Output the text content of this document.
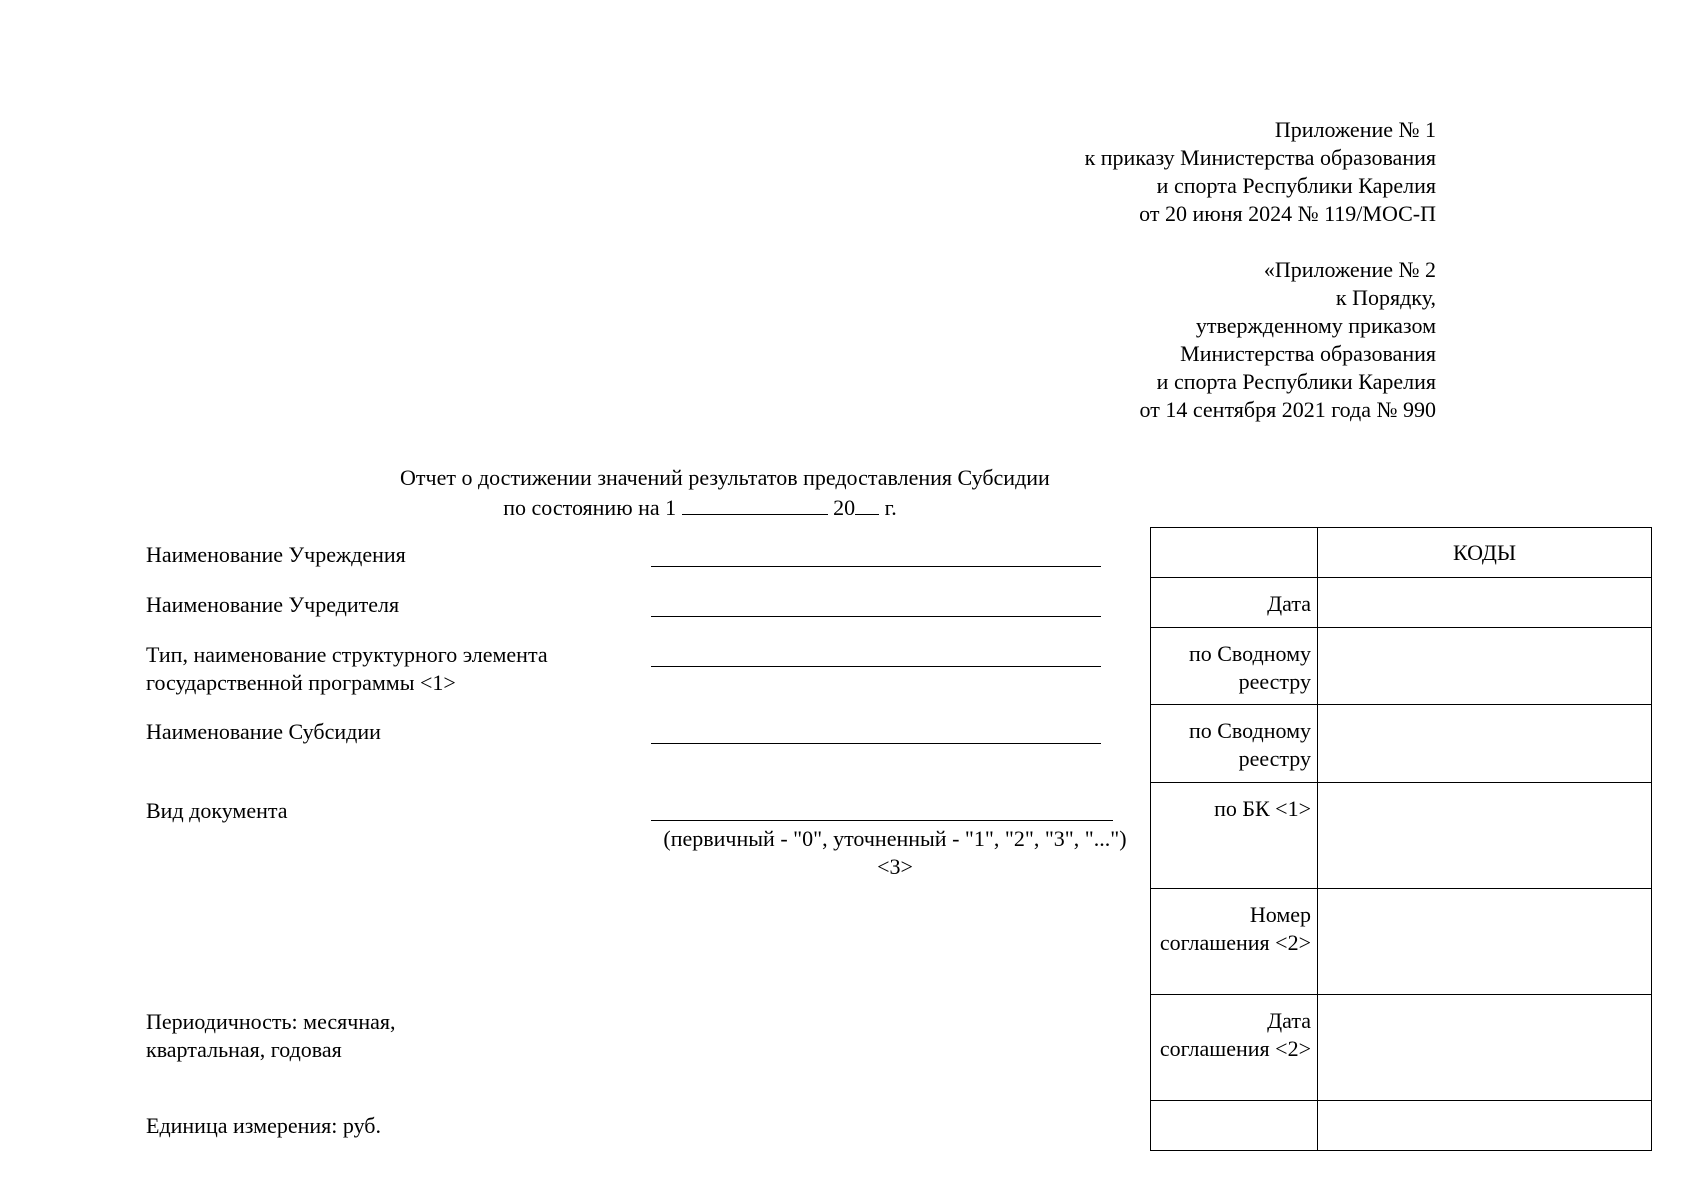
Приложение № 1
к приказу Министерства образования
и спорта Республики Карелия
от 20 июня 2024 № 119/МОС-П
«Приложение № 2
к Порядку,
утвержденному приказом
Министерства образования
и спорта Республики Карелия
от 14 сентября 2021 года № 990
Отчет о достижении значений результатов предоставления Субсидии
по состоянию на 1	20 г.
Наименование Учреждения
Наименование Учредителя
Тип, наименование структурного элемента
государственной программы <1>
Наименование Субсидии
Вид документа
(первичный - "0", уточненный - "1", "2", "3", "...") <3>
Периодичность: месячная,
квартальная, годовая
Единица измерения: руб.
	КОДЫ
Дата	
по Сводному реестру	
по Сводному реестру	
по БК <1>	
Номер соглашения <2>	
Дата соглашения <2>	
